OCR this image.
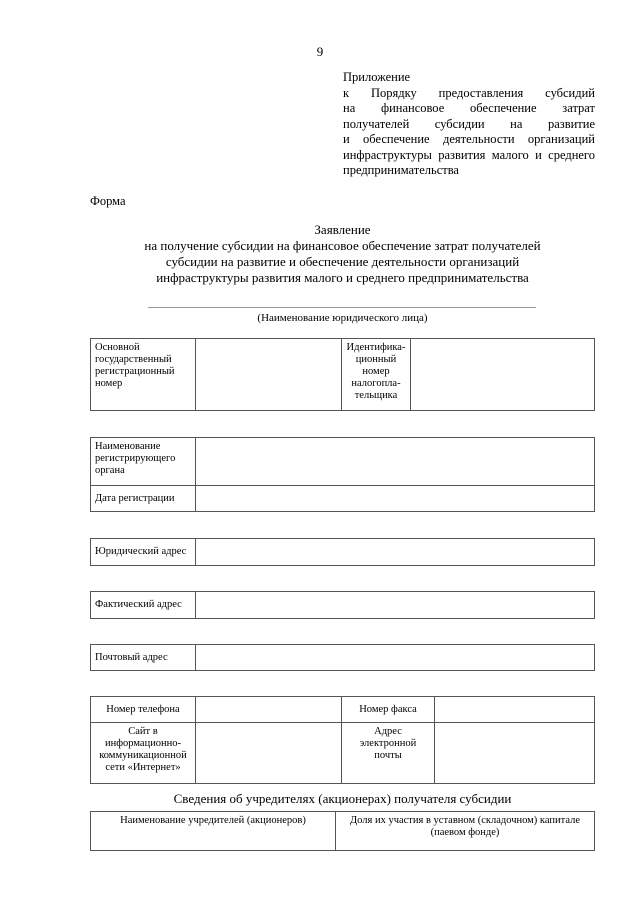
9
Приложение
к Порядку предоставления субсидий
на финансовое обеспечение затрат
получателей субсидии на развитие
и обеспечение деятельности организаций
инфраструктуры развития малого и среднего
предпринимательства
Форма
Заявление
на получение субсидии на финансовое обеспечение затрат получателей
субсидии на развитие и обеспечение деятельности организаций
инфраструктуры развития малого и среднего предпринимательства
(Наименование юридического лица)
Основной государственный регистрационный номер		Идентифика-ционный номер налогопла-тельщика	
Наименование регистрирующего органа	
Дата регистрации	
Юридический адрес	
Фактический адрес	
Почтовый адрес	
Номер телефона		Номер факса	
Сайт в информационно-коммуникационной сети «Интернет»		Адрес электронной почты	
Сведения об учредителях (акционерах) получателя субсидии
Наименование учредителей (акционеров)	Доля их участия в уставном (складочном) капитале (паевом фонде)
